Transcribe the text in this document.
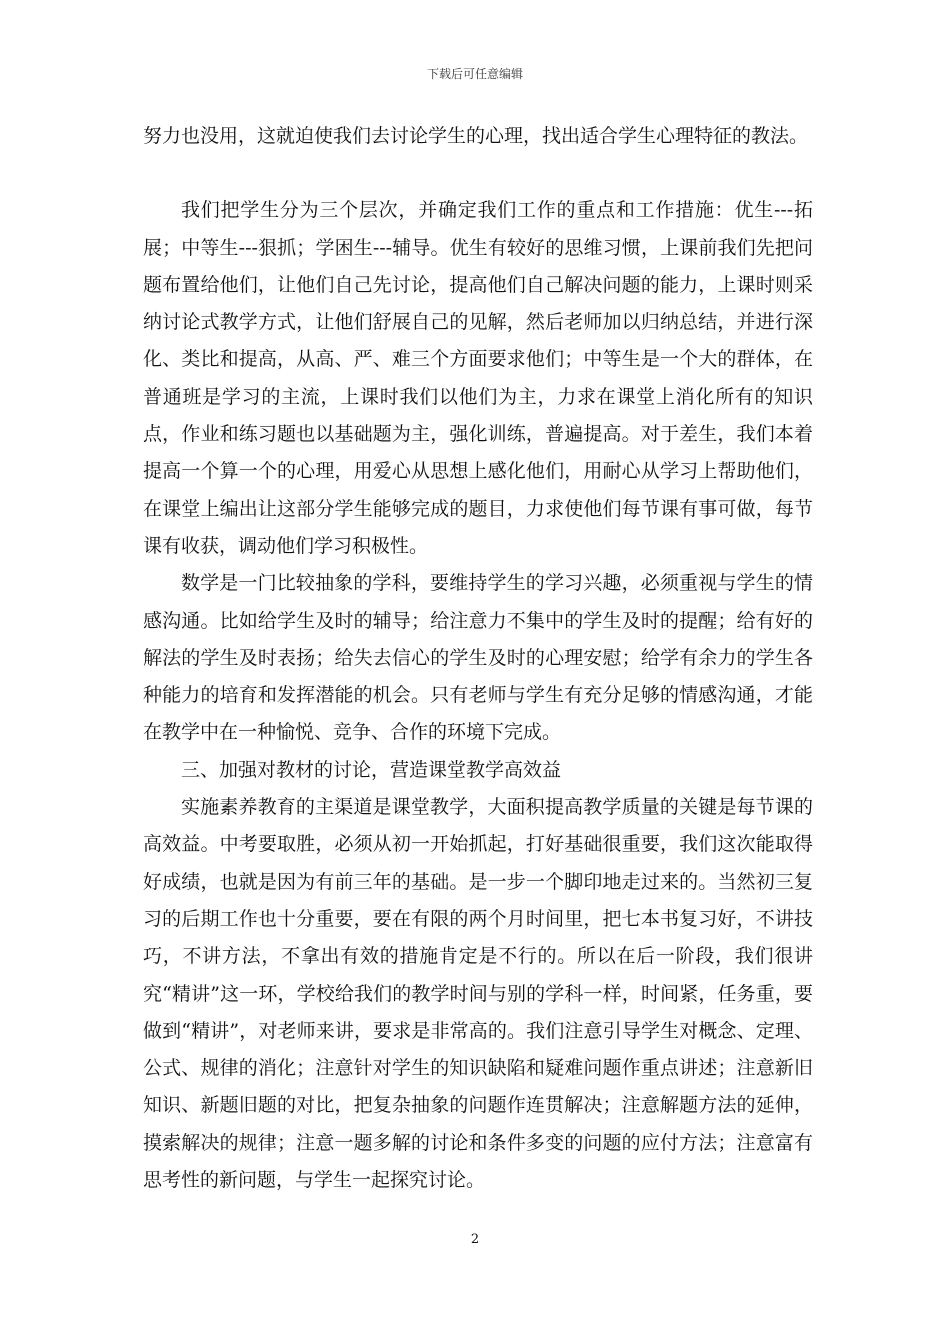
下载后可任意编辑

努力也没用，这就迫使我们去讨论学生的心理，找出适合学生心理特征的教法。

我们把学生分为三个层次，并确定我们工作的重点和工作措施：优生---拓展；中等生---狠抓；学困生---辅导。优生有较好的思维习惯，上课前我们先把问题布置给他们，让他们自己先讨论，提高他们自己解决问题的能力，上课时则采纳讨论式教学方式，让他们舒展自己的见解，然后老师加以归纳总结，并进行深化、类比和提高，从高、严、难三个方面要求他们；中等生是一个大的群体，在普通班是学习的主流，上课时我们以他们为主，力求在课堂上消化所有的知识点，作业和练习题也以基础题为主，强化训练，普遍提高。对于差生，我们本着提高一个算一个的心理，用爱心从思想上感化他们，用耐心从学习上帮助他们，在课堂上编出让这部分学生能够完成的题目，力求使他们每节课有事可做，每节课有收获，调动他们学习积极性。

数学是一门比较抽象的学科，要维持学生的学习兴趣，必须重视与学生的情感沟通。比如给学生及时的辅导；给注意力不集中的学生及时的提醒；给有好的解法的学生及时表扬；给失去信心的学生及时的心理安慰；给学有余力的学生各种能力的培育和发挥潜能的机会。只有老师与学生有充分足够的情感沟通，才能在教学中在一种愉悦、竞争、合作的环境下完成。

三、加强对教材的讨论，营造课堂教学高效益

实施素养教育的主渠道是课堂教学，大面积提高教学质量的关键是每节课的高效益。中考要取胜，必须从初一开始抓起，打好基础很重要，我们这次能取得好成绩，也就是因为有前三年的基础。是一步一个脚印地走过来的。当然初三复习的后期工作也十分重要，要在有限的两个月时间里，把七本书复习好，不讲技巧，不讲方法，不拿出有效的措施肯定是不行的。所以在后一阶段，我们很讲究“精讲”这一环，学校给我们的教学时间与别的学科一样，时间紧，任务重，要做到“精讲”，对老师来讲，要求是非常高的。我们注意引导学生对概念、定理、公式、规律的消化；注意针对学生的知识缺陷和疑难问题作重点讲述；注意新旧知识、新题旧题的对比，把复杂抽象的问题作连贯解决；注意解题方法的延伸，摸索解决的规律；注意一题多解的讨论和条件多变的问题的应付方法；注意富有思考性的新问题，与学生一起探究讨论。

2
